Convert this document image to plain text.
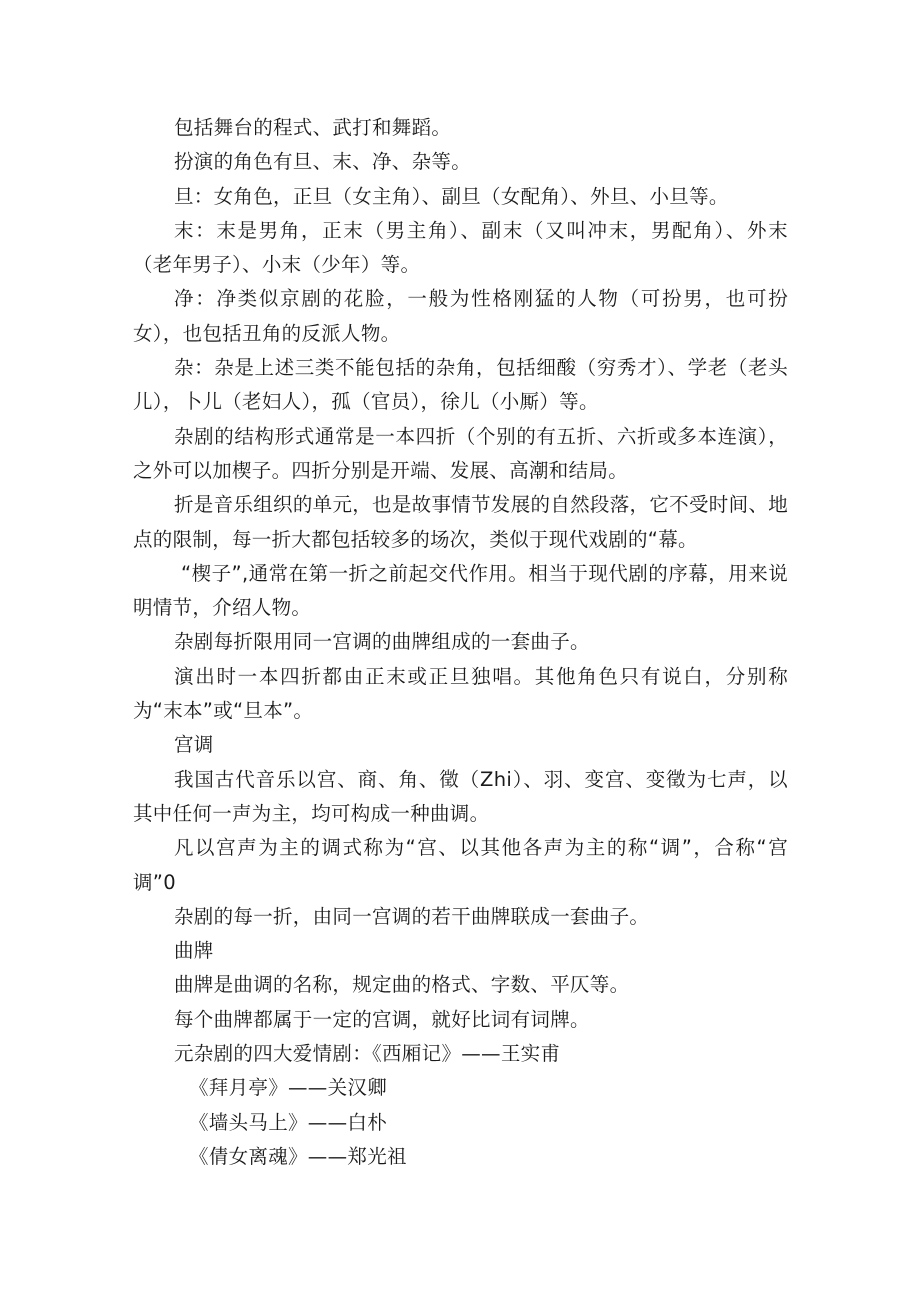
包括舞台的程式、武打和舞蹈。

扮演的角色有旦、末、净、杂等。

旦：女角色，正旦（女主角）、副旦（女配角）、外旦、小旦等。

末：末是男角，正末（男主角）、副末（又叫冲末，男配角）、外末（老年男子）、小末（少年）等。

净：净类似京剧的花脸，一般为性格刚猛的人物（可扮男，也可扮女），也包括丑角的反派人物。

杂：杂是上述三类不能包括的杂角，包括细酸（穷秀才）、学老（老头儿），卜儿（老妇人），孤（官员），徐儿（小厮）等。

杂剧的结构形式通常是一本四折（个别的有五折、六折或多本连演），之外可以加楔子。四折分别是开端、发展、高潮和结局。

折是音乐组织的单元，也是故事情节发展的自然段落，它不受时间、地点的限制，每一折大都包括较多的场次，类似于现代戏剧的“幕。

“楔子”,通常在第一折之前起交代作用。相当于现代剧的序幕，用来说明情节，介绍人物。

杂剧每折限用同一宫调的曲牌组成的一套曲子。

演出时一本四折都由正末或正旦独唱。其他角色只有说白，分别称为“末本”或“旦本”。

宫调

我国古代音乐以宫、商、角、徵（Zhi）、羽、变宫、变徵为七声，以其中任何一声为主，均可构成一种曲调。

凡以宫声为主的调式称为“宫、以其他各声为主的称“调”，合称“宫调”0

杂剧的每一折，由同一宫调的若干曲牌联成一套曲子。

曲牌

曲牌是曲调的名称，规定曲的格式、字数、平仄等。

每个曲牌都属于一定的宫调，就好比词有词牌。

元杂剧的四大爱情剧：《西厢记》——王实甫

《拜月亭》——关汉卿

《墙头马上》——白朴

《倩女离魂》——郑光祖
